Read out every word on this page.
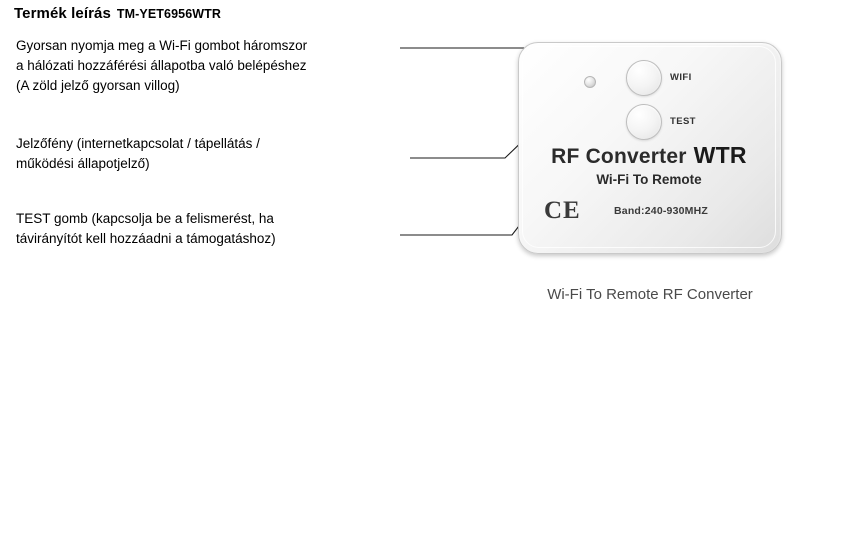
Termék leírás TM-YET6956WTR
Gyorsan nyomja meg a Wi-Fi gombot háromszor
a hálózati hozzáférési állapotba való belépéshez
(A zöld jelző gyorsan villog)
Jelzőfény (internetkapcsolat / tápellátás /
működési állapotjelző)
TEST gomb (kapcsolja be a felismerést, ha
távirányítót kell hozzáadni a támogatáshoz)
WIFI
TEST
RF Converter WTR
Wi-Fi To Remote
CE	Band:240-930MHZ
Wi-Fi To Remote RF Converter
